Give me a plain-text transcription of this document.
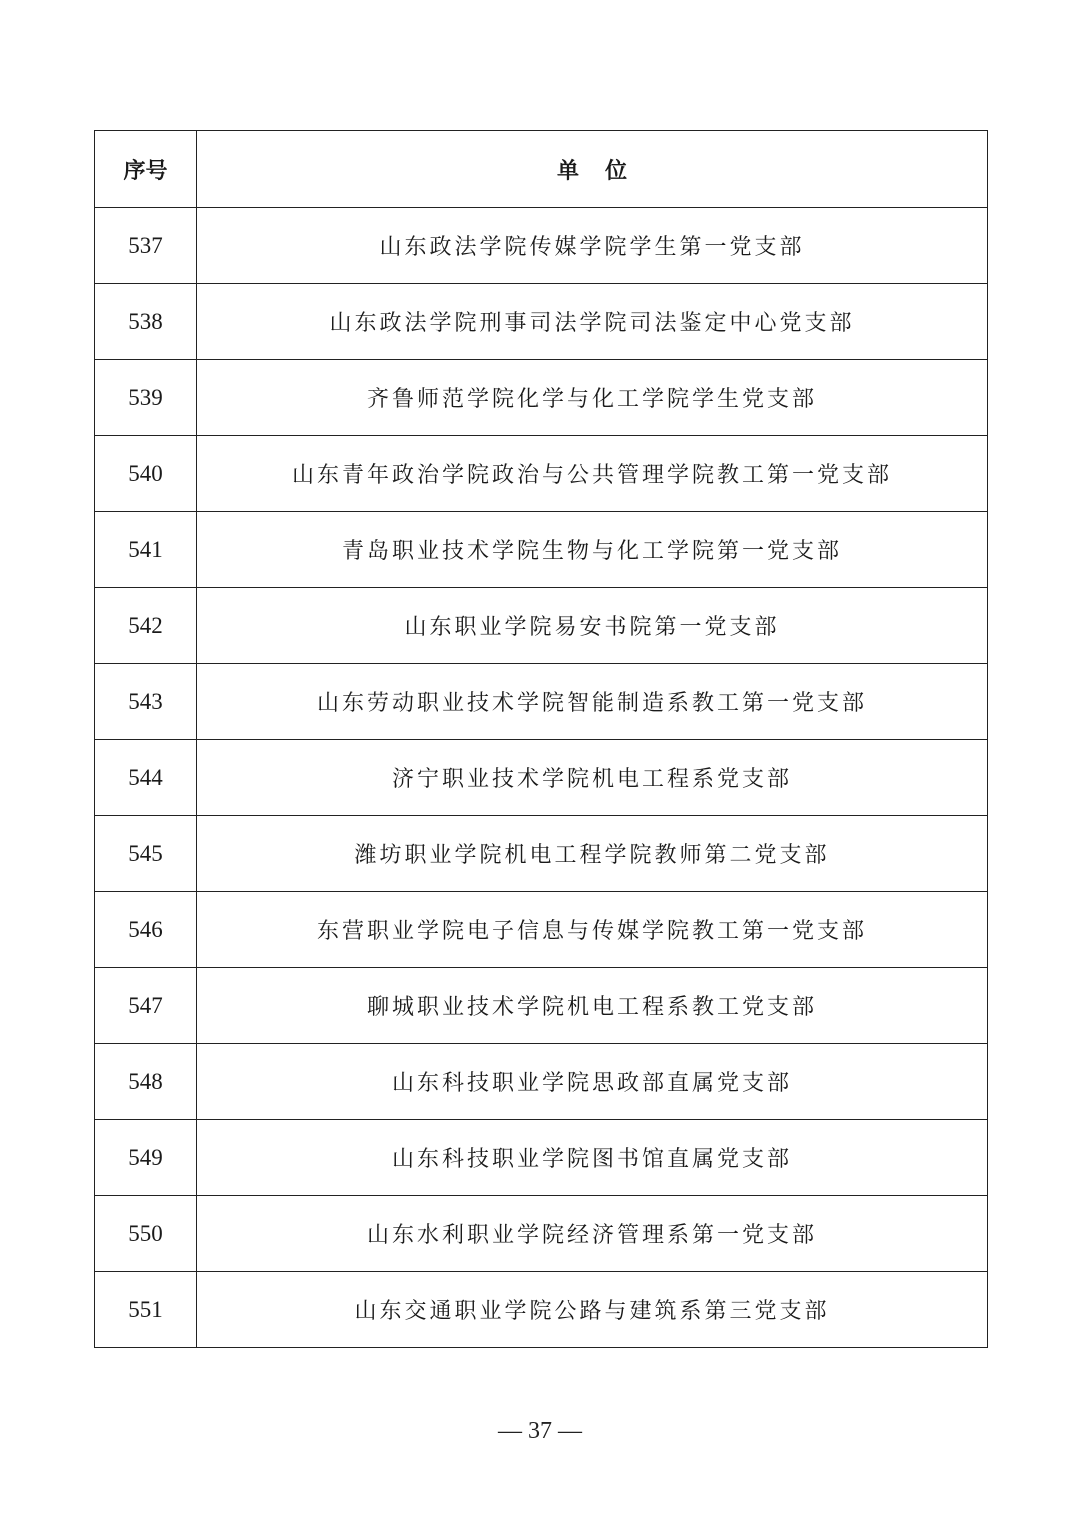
序号	单位
537	山东政法学院传媒学院学生第一党支部
538	山东政法学院刑事司法学院司法鉴定中心党支部
539	齐鲁师范学院化学与化工学院学生党支部
540	山东青年政治学院政治与公共管理学院教工第一党支部
541	青岛职业技术学院生物与化工学院第一党支部
542	山东职业学院易安书院第一党支部
543	山东劳动职业技术学院智能制造系教工第一党支部
544	济宁职业技术学院机电工程系党支部
545	潍坊职业学院机电工程学院教师第二党支部
546	东营职业学院电子信息与传媒学院教工第一党支部
547	聊城职业技术学院机电工程系教工党支部
548	山东科技职业学院思政部直属党支部
549	山东科技职业学院图书馆直属党支部
550	山东水利职业学院经济管理系第一党支部
551	山东交通职业学院公路与建筑系第三党支部
— 37 —
